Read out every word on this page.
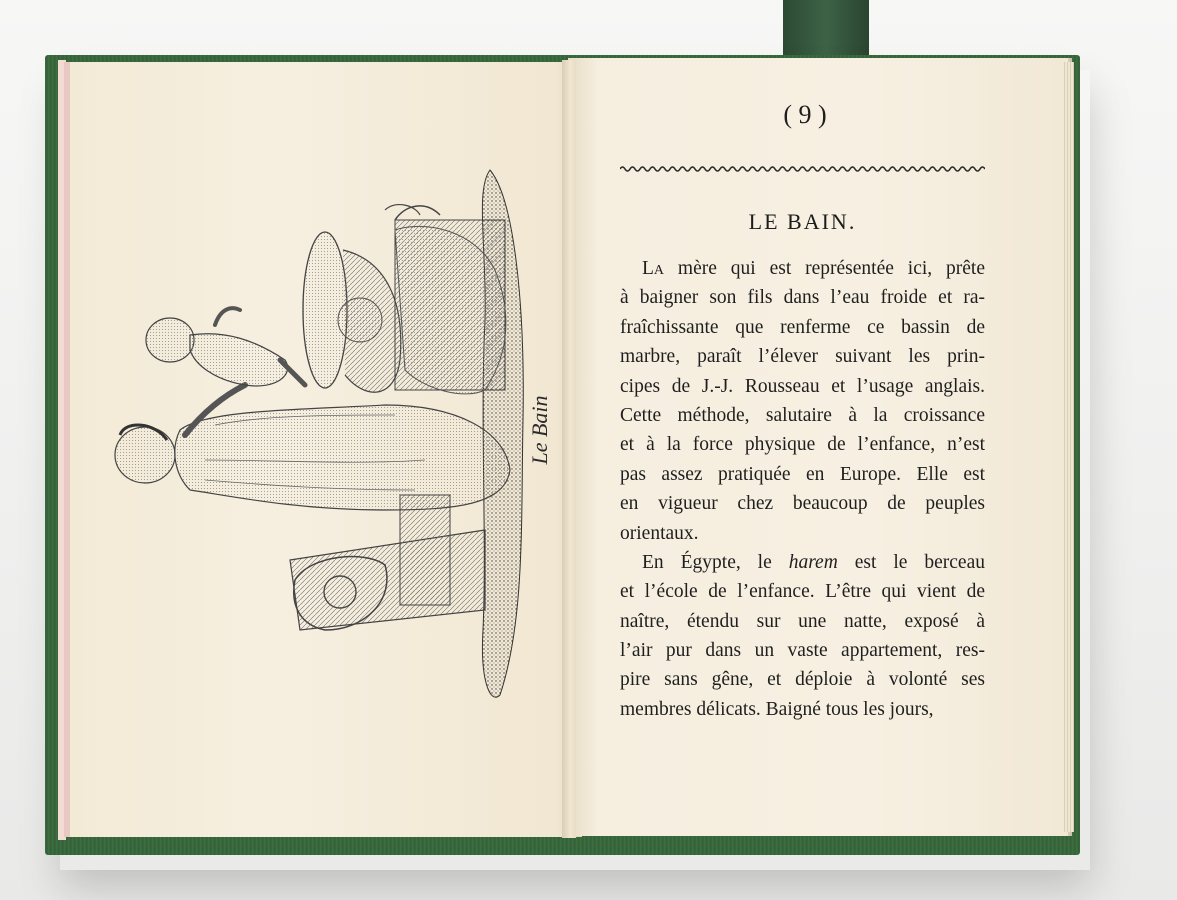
Le Bain
( 9 )
LE BAIN.
La mère qui est représentée ici, prête
à baigner son fils dans l’eau froide et ra-
fraîchissante que renferme ce bassin de
marbre, paraît l’élever suivant les prin-
cipes de J.-J. Rousseau et l’usage anglais.
Cette méthode, salutaire à la croissance
et à la force physique de l’enfance, n’est
pas assez pratiquée en Europe. Elle est
en vigueur chez beaucoup de peuples
orientaux.
En Égypte, le harem est le berceau
et l’école de l’enfance. L’être qui vient de
naître, étendu sur une natte, exposé à
l’air pur dans un vaste appartement, res-
pire sans gêne, et déploie à volonté ses
membres délicats. Baigné tous les jours,
